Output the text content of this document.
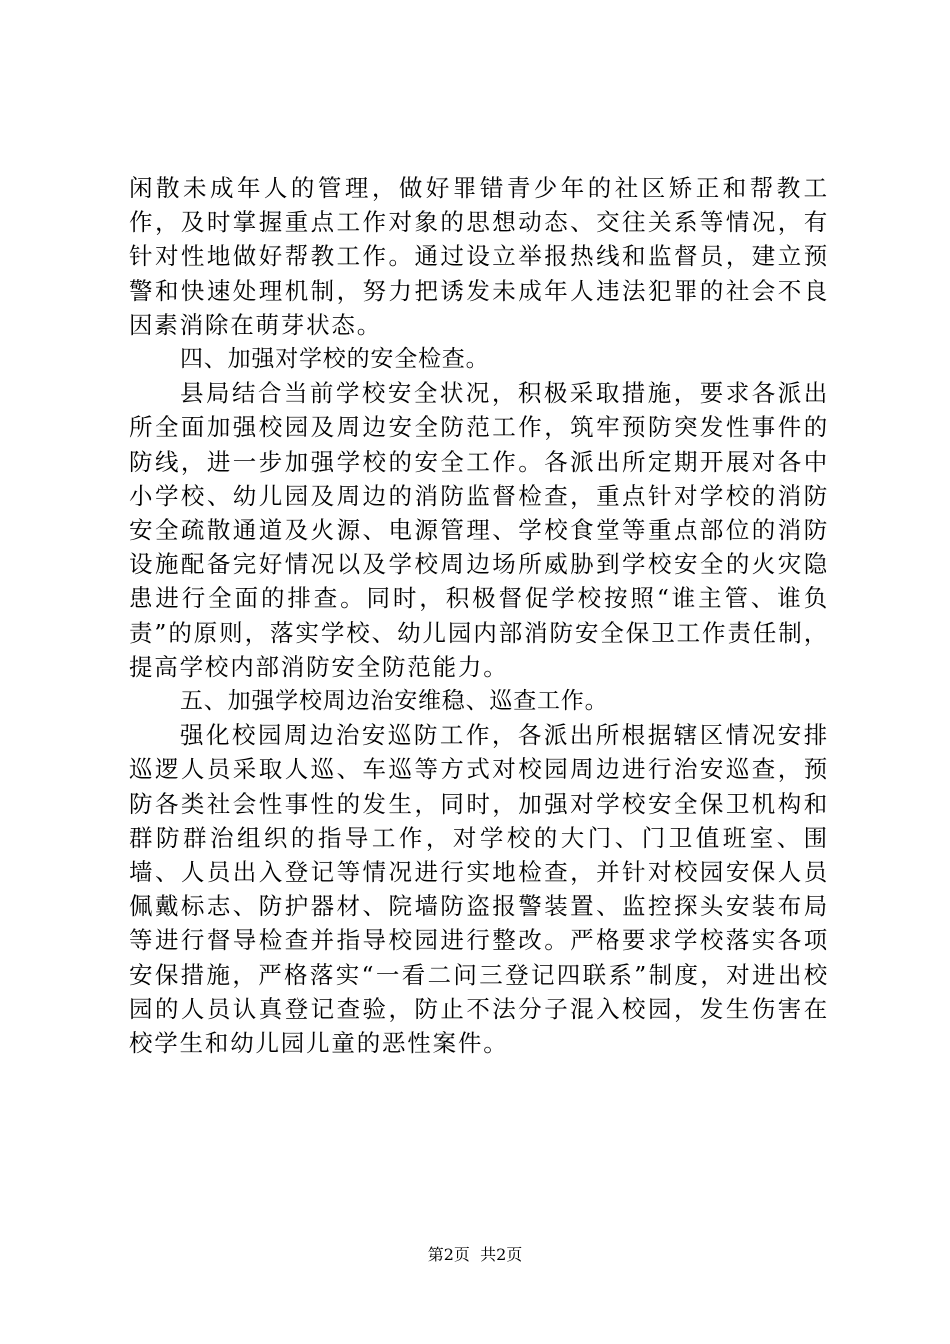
闲散未成年人的管理，做好罪错青少年的社区矫正和帮教工作，及时掌握重点工作对象的思想动态、交往关系等情况，有针对性地做好帮教工作。通过设立举报热线和监督员，建立预警和快速处理机制，努力把诱发未成年人违法犯罪的社会不良因素消除在萌芽状态。

四、加强对学校的安全检查。

县局结合当前学校安全状况，积极采取措施，要求各派出所全面加强校园及周边安全防范工作，筑牢预防突发性事件的防线，进一步加强学校的安全工作。各派出所定期开展对各中小学校、幼儿园及周边的消防监督检查，重点针对学校的消防安全疏散通道及火源、电源管理、学校食堂等重点部位的消防设施配备完好情况以及学校周边场所威胁到学校安全的火灾隐患进行全面的排查。同时，积极督促学校按照“谁主管、谁负责”的原则，落实学校、幼儿园内部消防安全保卫工作责任制，提高学校内部消防安全防范能力。

五、加强学校周边治安维稳、巡查工作。

强化校园周边治安巡防工作，各派出所根据辖区情况安排巡逻人员采取人巡、车巡等方式对校园周边进行治安巡查，预防各类社会性事性的发生，同时，加强对学校安全保卫机构和群防群治组织的指导工作，对学校的大门、门卫值班室、围墙、人员出入登记等情况进行实地检查，并针对校园安保人员佩戴标志、防护器材、院墙防盗报警装置、监控探头安装布局等进行督导检查并指导校园进行整改。严格要求学校落实各项安保措施，严格落实“一看二问三登记四联系”制度，对进出校园的人员认真登记查验，防止不法分子混入校园，发生伤害在校学生和幼儿园儿童的恶性案件。

第2页  共2页
